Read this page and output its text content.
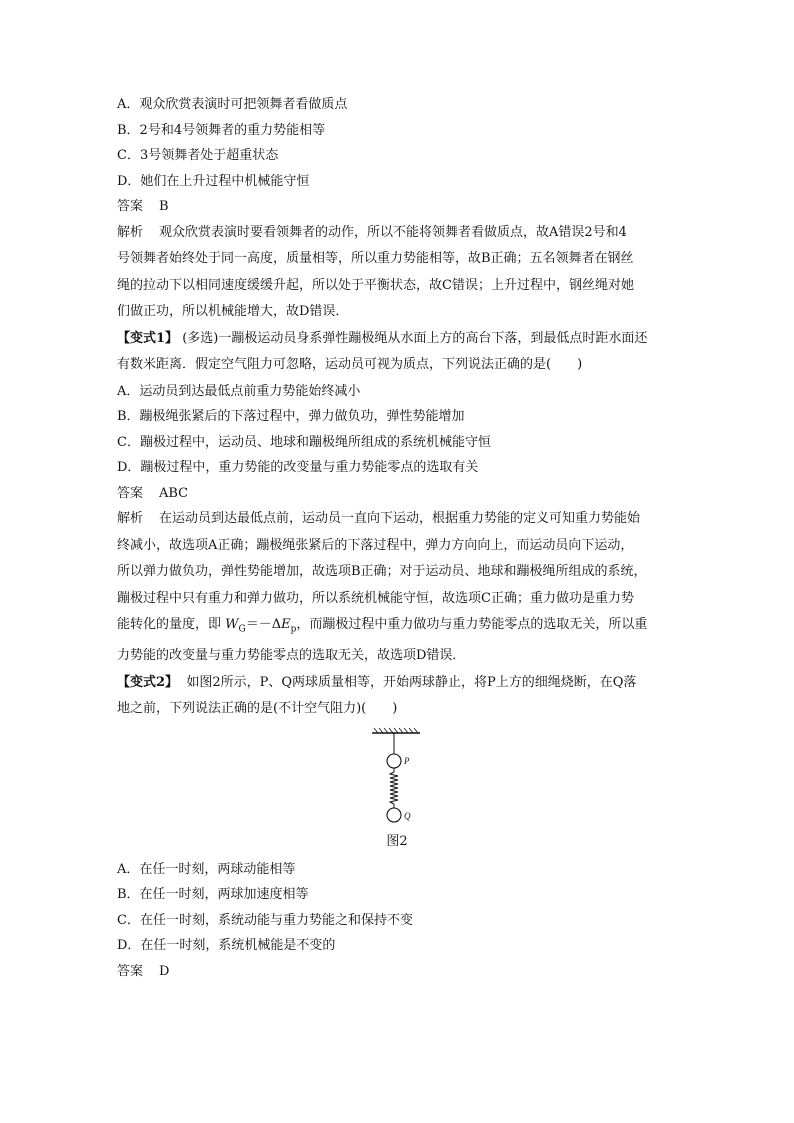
A．观众欣赏表演时可把领舞者看做质点
B．2号和4号领舞者的重力势能相等
C．3号领舞者处于超重状态
D．她们在上升过程中机械能守恒
答案 B
解析 观众欣赏表演时要看领舞者的动作，所以不能将领舞者看做质点，故A错误2号和4
号领舞者始终处于同一高度，质量相等，所以重力势能相等，故B正确；五名领舞者在钢丝
绳的拉动下以相同速度缓缓升起，所以处于平衡状态，故C错误；上升过程中，钢丝绳对她
们做正功，所以机械能增大，故D错误．
【变式1】 (多选)一蹦极运动员身系弹性蹦极绳从水面上方的高台下落，到最低点时距水面还
有数米距离．假定空气阻力可忽略，运动员可视为质点，下列说法正确的是(　　)
A．运动员到达最低点前重力势能始终减小
B．蹦极绳张紧后的下落过程中，弹力做负功，弹性势能增加
C．蹦极过程中，运动员、地球和蹦极绳所组成的系统机械能守恒
D．蹦极过程中，重力势能的改变量与重力势能零点的选取有关
答案 ABC
解析 在运动员到达最低点前，运动员一直向下运动，根据重力势能的定义可知重力势能始
终减小，故选项A正确；蹦极绳张紧后的下落过程中，弹力方向向上，而运动员向下运动，
所以弹力做负功，弹性势能增加，故选项B正确；对于运动员、地球和蹦极绳所组成的系统，
蹦极过程中只有重力和弹力做功，所以系统机械能守恒，故选项C正确；重力做功是重力势
能转化的量度，即 $W_G=-\Delta E_p$，而蹦极过程中重力做功与重力势能零点的选取无关，所以重
力势能的改变量与重力势能零点的选取无关，故选项D错误．
【变式2】 如图2所示，P、Q两球质量相等，开始两球静止，将P上方的细绳烧断，在Q落
地之前，下列说法正确的是(不计空气阻力)(　　)
P
Q
图2
A．在任一时刻，两球动能相等
B．在任一时刻，两球加速度相等
C．在任一时刻，系统动能与重力势能之和保持不变
D．在任一时刻，系统机械能是不变的
答案 D
